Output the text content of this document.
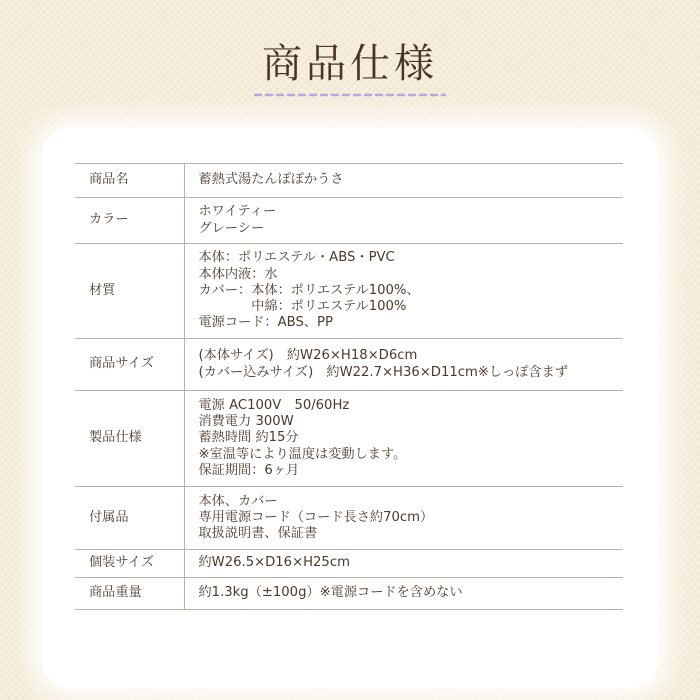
商品仕様
商品名	蓄熱式湯たんぽぽかうさ
カラー	ホワイティー
グレーシー
材質	本体：ポリエステル・ABS・PVC
本体内液：水
カバー：本体：ポリエステル100%、
　　　　中綿：ポリエステル100%
電源コード：ABS、PP
商品サイズ	(本体サイズ)　約W26×H18×D6cm
(カバー込みサイズ)　約W22.7×H36×D11cm※しっぽ含まず
製品仕様	電源 AC100V　50/60Hz
消費電力 300W
蓄熱時間 約15分
※室温等により温度は変動します。
保証期間：6ヶ月
付属品	本体、カバー
専用電源コード（コード長さ約70cm）
取扱説明書、保証書
個装サイズ	約W26.5×D16×H25cm
商品重量	約1.3kg（±100g）※電源コードを含めない
